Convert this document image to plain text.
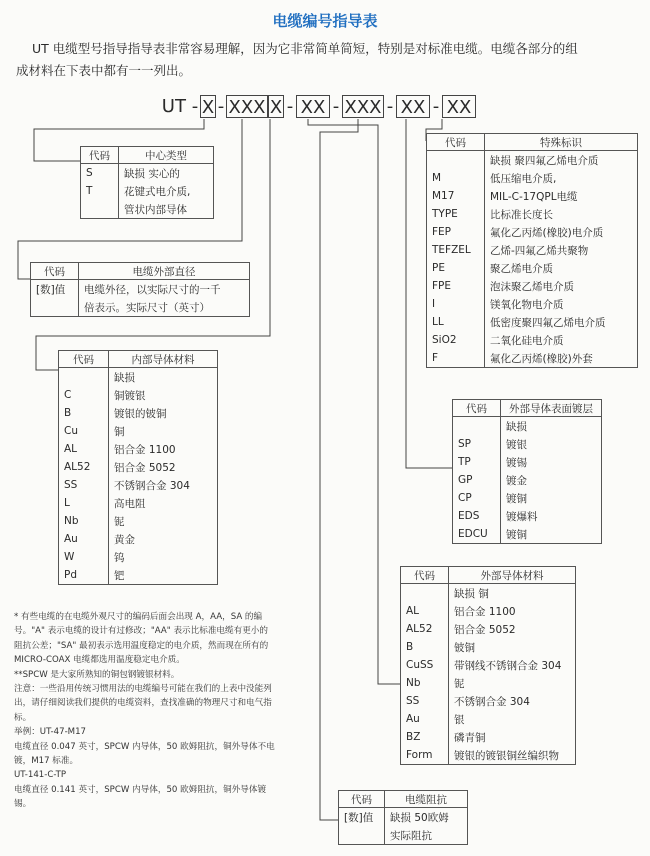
电缆编号指导表
UT 电缆型号指导指导表非常容易理解，因为它非常简单简短，特别是对标准电缆。电缆各部分的组
成材料在下表中都有一一列出。
UT - X - XXX X - XX - XXX - XX - XX
代码	中心类型
S	缺损 实心的
T	花键式电介质,
	管状内部导体
代码	电缆外部直径
[数]值	电缆外径，以实际尺寸的一千
	倍表示。实际尺寸（英寸）
代码	内部导体材料
	缺损
C	铜镀银
B	镀银的铍铜
Cu	铜
AL	铝合金 1100
AL52	铝合金 5052
SS	不锈钢合金 304
L	高电阻
Nb	铌
Au	黄金
W	钨
Pd	钯
代码	特殊标识
	缺损 聚四氟乙烯电介质
M	低压缩电介质,
M17	MIL-C-17QPL电缆
TYPE	比标准长度长
FEP	氟化乙丙烯(橡胶)电介质
TEFZEL	乙烯-四氟乙烯共聚物
PE	聚乙烯电介质
FPE	泡沫聚乙烯电介质
I	镁氧化物电介质
LL	低密度聚四氟乙烯电介质
SiO2	二氧化硅电介质
F	氟化乙丙烯(橡胶)外套
代码	外部导体表面镀层
	缺损
SP	镀银
TP	镀锡
GP	镀金
CP	镀铜
EDS	镀爆料
EDCU	镀铜
代码	外部导体材料
	缺损 铜
AL	铝合金 1100
AL52	铝合金 5052
B	铍铜
CuSS	带钢线不锈钢合金 304
Nb	铌
SS	不锈钢合金 304
Au	银
BZ	磷青铜
Form	镀银的镀银铜丝编织物
代码	电缆阻抗
[数]值	缺损 50欧姆
	实际阻抗
* 有些电缆的在电缆外观尺寸的编码后面会出现 A，AA，SA 的编号。"A" 表示电缆的设计有过修改；"AA" 表示比标准电缆有更小的阻抗公差；"SA" 最初表示选用温度稳定的电介质，然而现在所有的 MICRO-COAX 电缆都选用温度稳定电介质。
**SPCW 是大家所熟知的铜包钢镀银材料。
注意：一些沿用传统习惯用法的电缆编号可能在我们的上表中没能列出，请仔细阅读我们提供的电缆资料，查找准确的物理尺寸和电气指标。
举例：UT-47-M17
电缆直径 0.047 英寸，SPCW 内导体，50 欧姆阻抗，铜外导体不电镀，M17 标准。
UT-141-C-TP
电缆直径 0.141 英寸，SPCW 内导体，50 欧姆阻抗，铜外导体镀锡。
